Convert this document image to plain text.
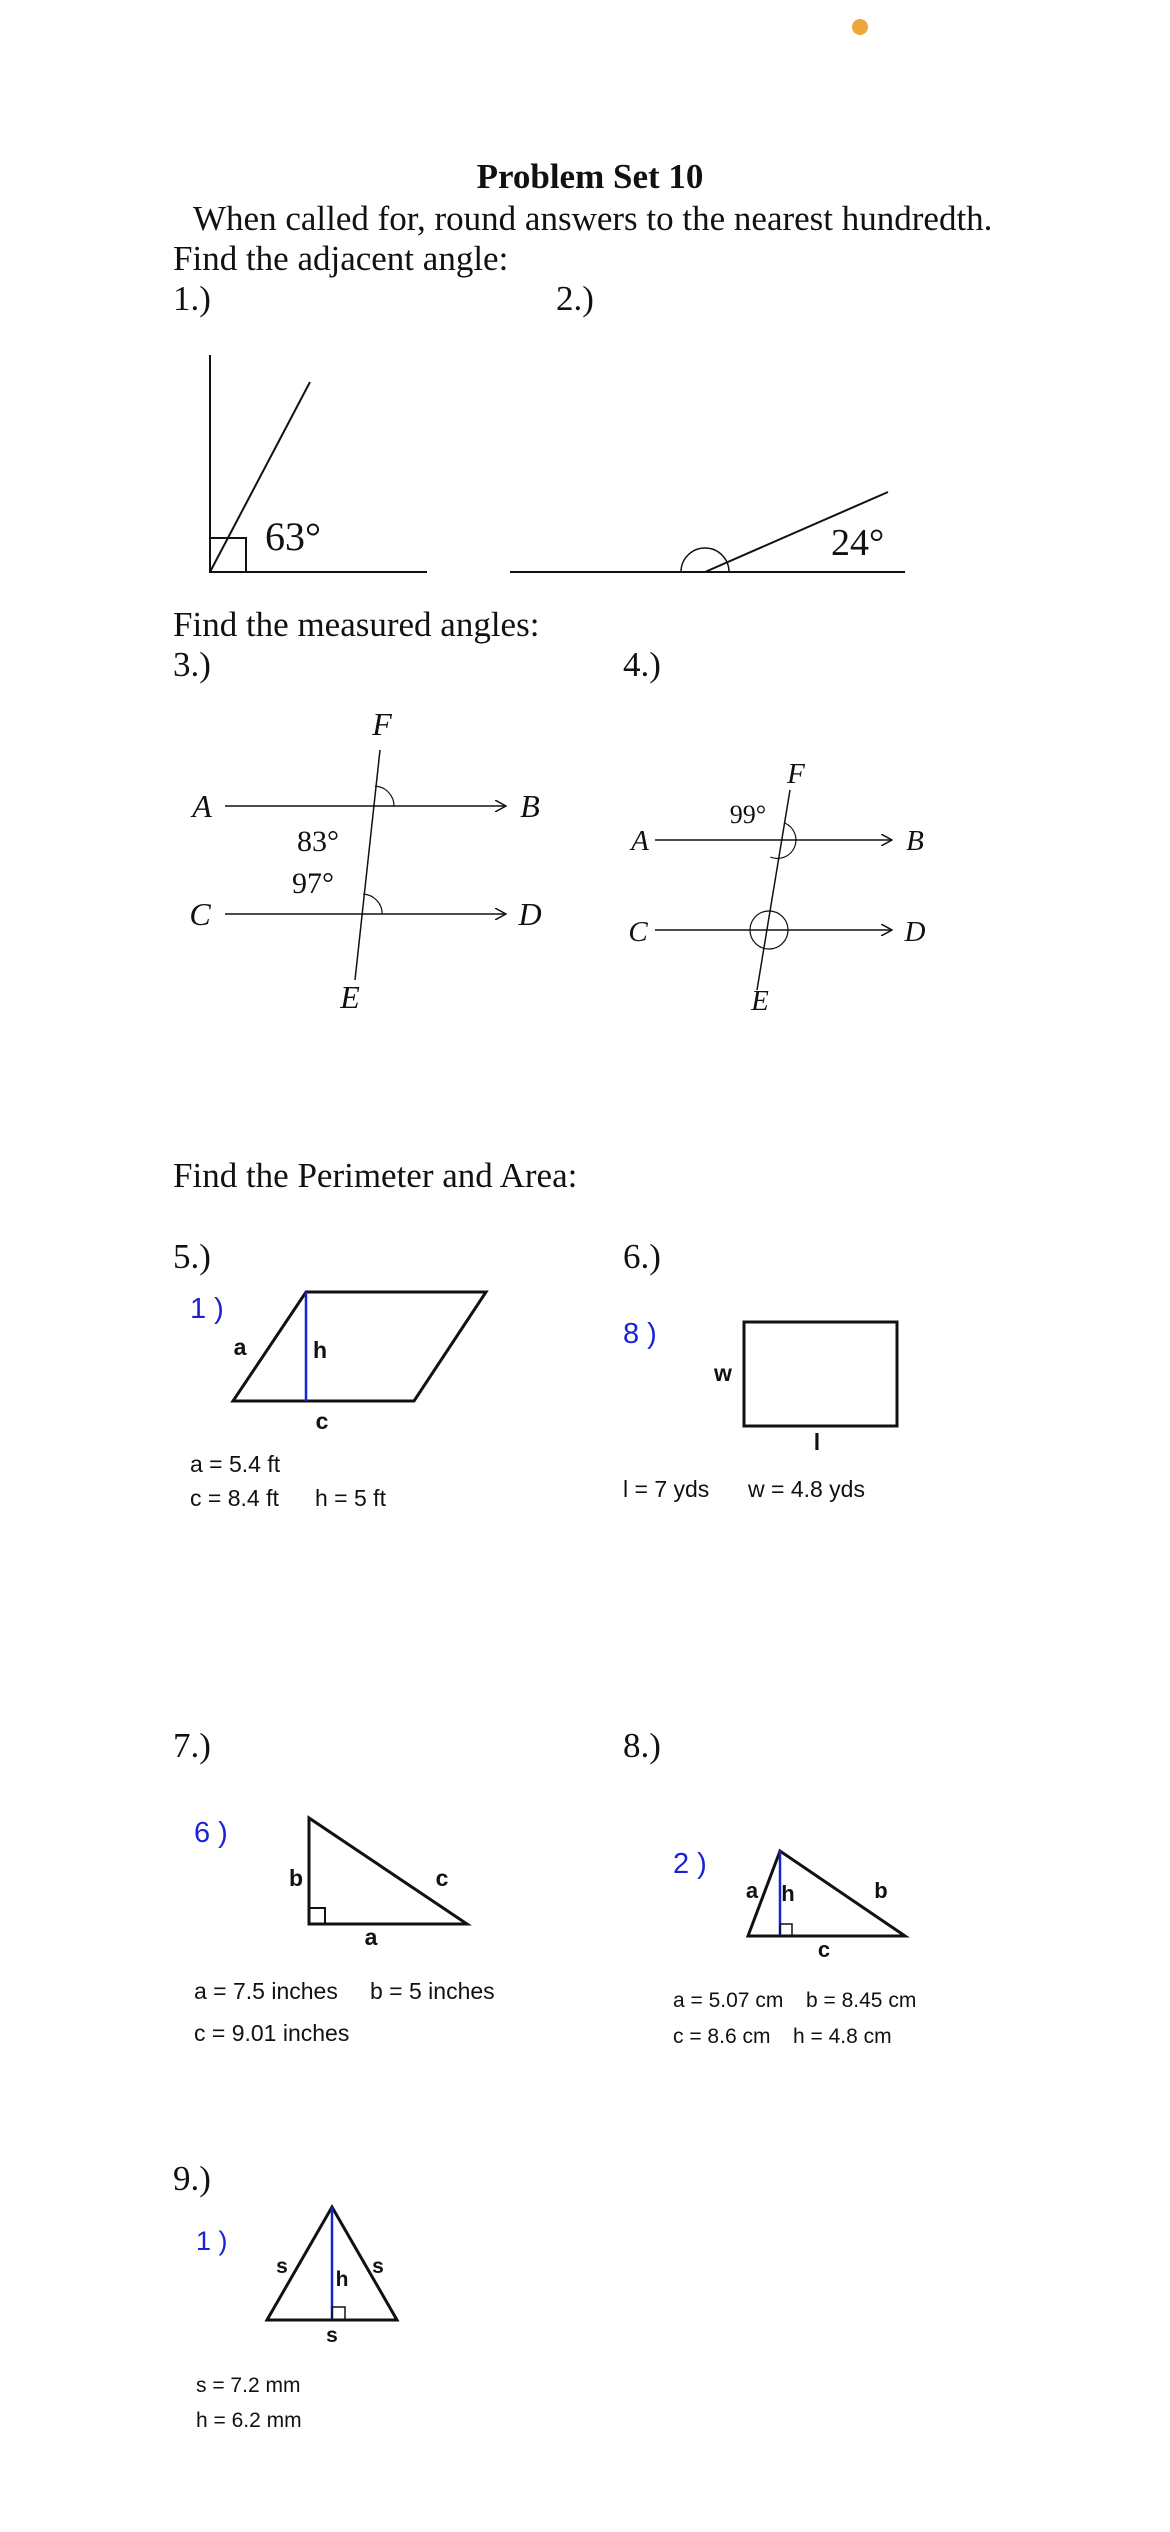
Problem Set 10
When called for, round answers to the nearest hundredth.
Find the adjacent angle:
1.)
63°
2.)
24°
Find the measured angles:
3.)
F
A	B
C	D
E
83°
97°
4.)
F
A	B
C	D
E
99°
Find the Perimeter and Area:
5.)
1 )
a	h
c
a = 5.4 ft
c = 8.4 ft h = 5 ft
6.)
8 )
w
l
l = 7 yds w = 4.8 yds
7.)
6 )
b	c
a
a = 7.5 inches b = 5 inches
c = 9.01 inches
8.)
2 )
a h	b
c
a = 5.07 cm b = 8.45 cm
c = 8.6 cm h = 4.8 cm
9.)
1 )
s	s
h
s
s = 7.2 mm
h = 6.2 mm
